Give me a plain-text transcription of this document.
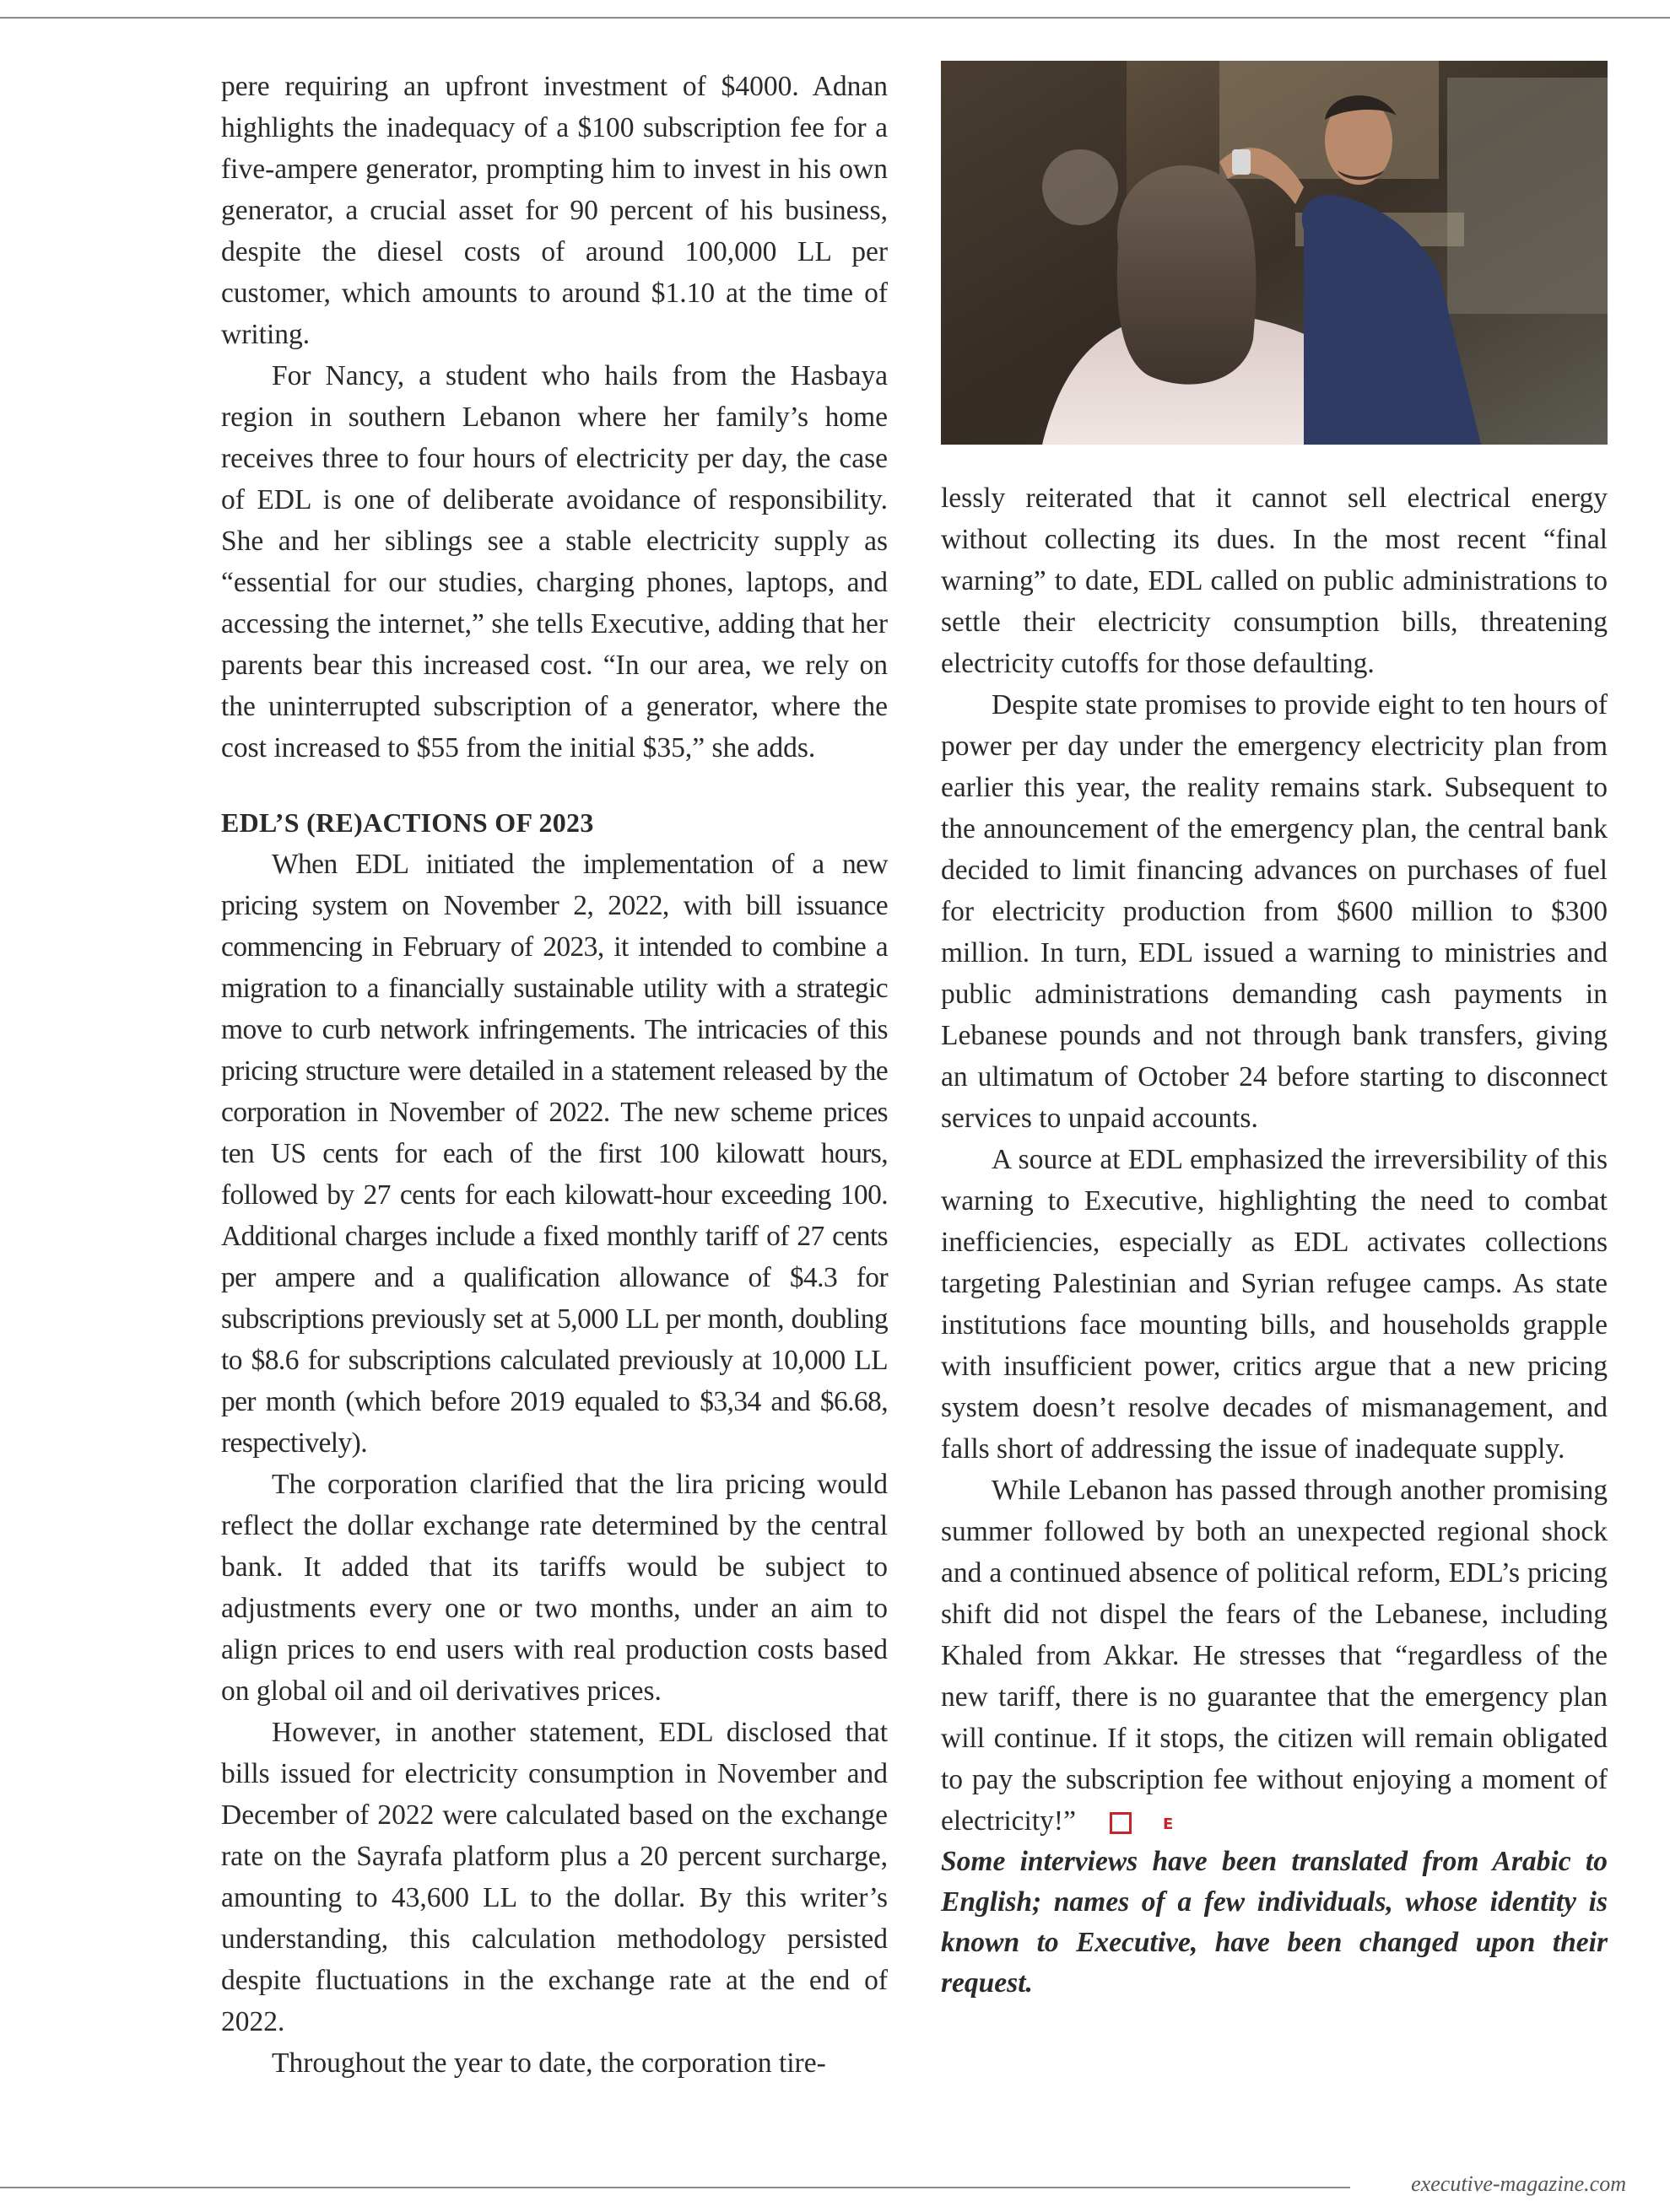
pere requiring an upfront investment of $4000. Adnan highlights the inadequacy of a $100 subscription fee for a five-ampere generator, prompting him to invest in his own generator, a crucial asset for 90 percent of his business, despite the diesel costs of around 100,000 LL per customer, which amounts to around $1.10 at the time of writing.

For Nancy, a student who hails from the Hasbaya region in southern Lebanon where her family’s home receives three to four hours of electricity per day, the case of EDL is one of deliberate avoidance of responsibility. She and her siblings see a stable electricity supply as “essential for our studies, charging phones, laptops, and accessing the internet,” she tells Executive, adding that her parents bear this increased cost. “In our area, we rely on the uninterrupted subscription of a generator, where the cost increased to $55 from the initial $35,” she adds.

EDL’S (RE)ACTIONS OF 2023

When EDL initiated the implementation of a new pricing system on November 2, 2022, with bill issuance commencing in February of 2023, it intended to combine a migration to a financially sustainable utility with a strategic move to curb network infringements. The intricacies of this pricing structure were detailed in a statement released by the corporation in November of 2022. The new scheme prices ten US cents for each of the first 100 kilowatt hours, followed by 27 cents for each kilowatt-hour exceeding 100. Additional charges include a fixed monthly tariff of 27 cents per ampere and a qualification allowance of $4.3 for subscriptions previously set at 5,000 LL per month, doubling to $8.6 for subscriptions calculated previously at 10,000 LL per month (which before 2019 equaled to $3,34 and $6.68, respectively).

The corporation clarified that the lira pricing would reflect the dollar exchange rate determined by the central bank. It added that its tariffs would be subject to adjustments every one or two months, under an aim to align prices to end users with real production costs based on global oil and oil derivatives prices.

However, in another statement, EDL disclosed that bills issued for electricity consumption in November and December of 2022 were calculated based on the exchange rate on the Sayrafa platform plus a 20 percent surcharge, amounting to 43,600 LL to the dollar. By this writer’s understanding, this calculation methodology persisted despite fluctuations in the exchange rate at the end of 2022.

Throughout the year to date, the corporation tire-

lessly reiterated that it cannot sell electrical energy without collecting its dues. In the most recent “final warning” to date, EDL called on public administrations to settle their electricity consumption bills, threatening electricity cutoffs for those defaulting.

Despite state promises to provide eight to ten hours of power per day under the emergency electricity plan from earlier this year, the reality remains stark. Subsequent to the announcement of the emergency plan, the central bank decided to limit financing advances on purchases of fuel for electricity production from $600 million to $300 million. In turn, EDL issued a warning to ministries and public administrations demanding cash payments in Lebanese pounds and not through bank transfers, giving an ultimatum of October 24 before starting to disconnect services to unpaid accounts.

A source at EDL emphasized the irreversibility of this warning to Executive, highlighting the need to combat inefficiencies, especially as EDL activates collections targeting Palestinian and Syrian refugee camps. As state institutions face mounting bills, and households grapple with insufficient power, critics argue that a new pricing system doesn’t resolve decades of mismanagement, and falls short of addressing the issue of inadequate supply.

While Lebanon has passed through another promising summer followed by both an unexpected regional shock and a continued absence of political reform, EDL’s pricing shift did not dispel the fears of the Lebanese, including Khaled from Akkar. He stresses that “regardless of the new tariff, there is no guarantee that the emergency plan will continue. If it stops, the citizen will remain obligated to pay the subscription fee without enjoying a moment of electricity!”	E

Some interviews have been translated from Arabic to English; names of a few individuals, whose identity is known to Executive, have been changed upon their request.

executive-magazine.com
